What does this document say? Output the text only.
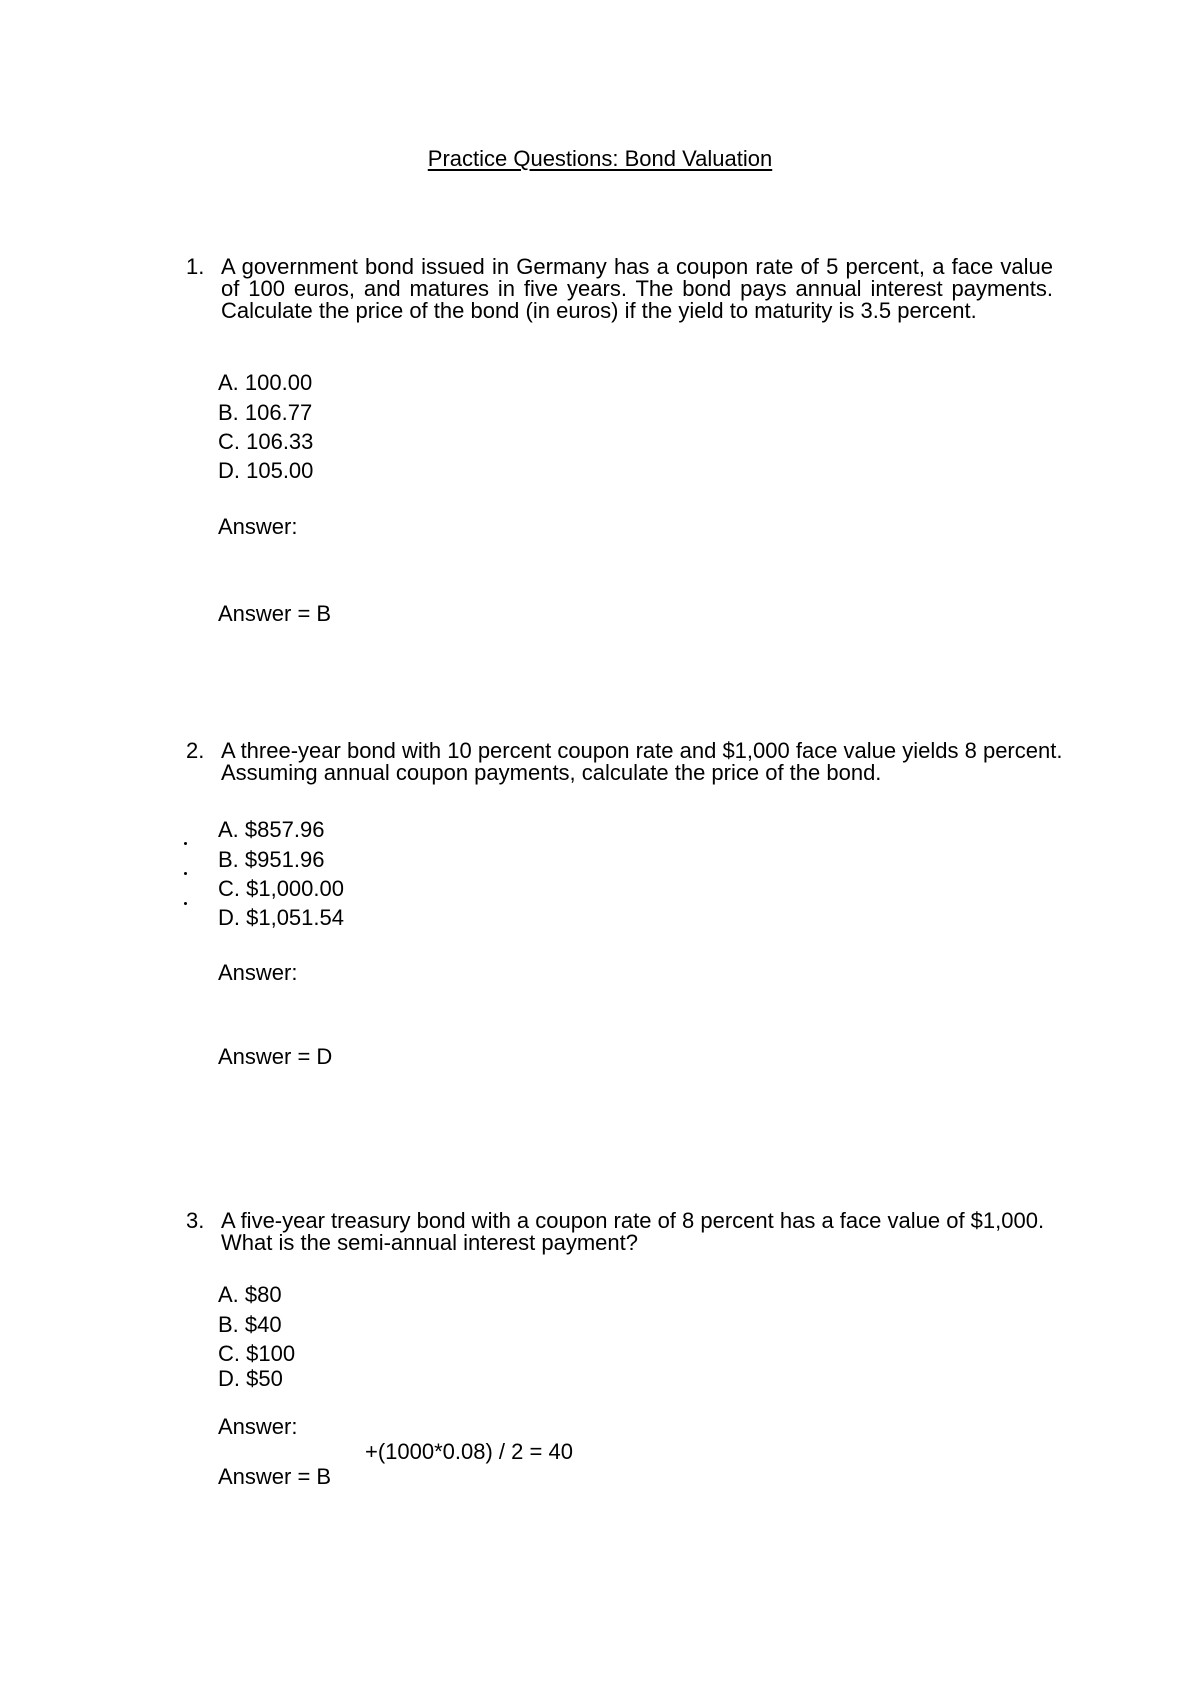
Practice Questions: Bond Valuation
1. A government bond issued in Germany has a coupon rate of 5 percent, a face value of 100 euros, and matures in five years. The bond pays annual interest payments. Calculate the price of the bond (in euros) if the yield to maturity is 3.5 percent.

A. 100.00
B. 106.77
C. 106.33
D. 105.00
Answer:
Answer = B
2. A three-year bond with 10 percent coupon rate and $1,000 face value yields 8 percent. Assuming annual coupon payments, calculate the price of the bond.

A. $857.96
B. $951.96
C. $1,000.00
D. $1,051.54
Answer:
Answer = D
3. A five-year treasury bond with a coupon rate of 8 percent has a face value of $1,000. What is the semi-annual interest payment?

A. $80
B. $40
C. $100
D. $50
Answer:
+(1000*0.08) / 2 = 40
Answer = B
